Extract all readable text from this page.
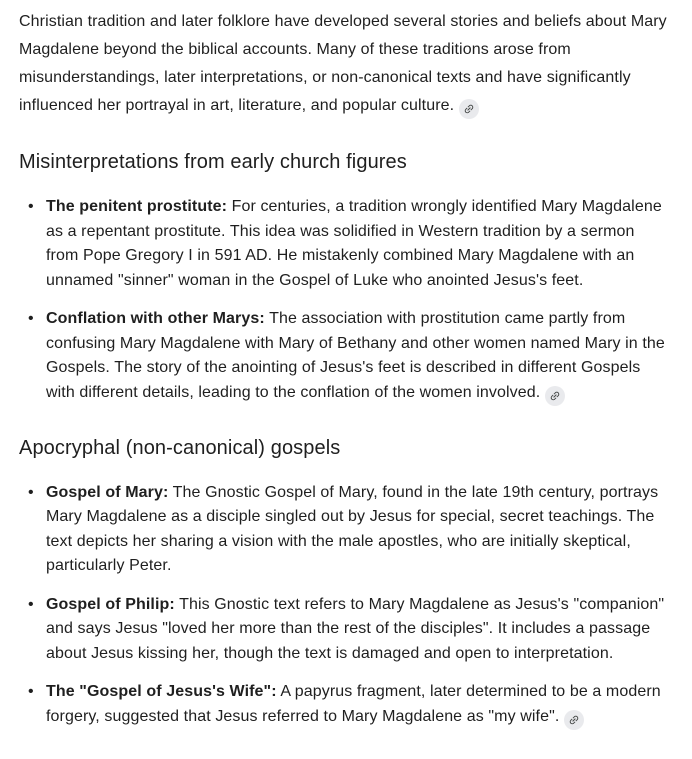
Christian tradition and later folklore have developed several stories and beliefs about Mary Magdalene beyond the biblical accounts. Many of these traditions arose from misunderstandings, later interpretations, or non-canonical texts and have significantly influenced her portrayal in art, literature, and popular culture.

Misinterpretations from early church figures
• The penitent prostitute: For centuries, a tradition wrongly identified Mary Magdalene as a repentant prostitute. This idea was solidified in Western tradition by a sermon from Pope Gregory I in 591 AD. He mistakenly combined Mary Magdalene with an unnamed "sinner" woman in the Gospel of Luke who anointed Jesus's feet.
• Conflation with other Marys: The association with prostitution came partly from confusing Mary Magdalene with Mary of Bethany and other women named Mary in the Gospels. The story of the anointing of Jesus's feet is described in different Gospels with different details, leading to the conflation of the women involved.
Apocryphal (non-canonical) gospels
• Gospel of Mary: The Gnostic Gospel of Mary, found in the late 19th century, portrays Mary Magdalene as a disciple singled out by Jesus for special, secret teachings. The text depicts her sharing a vision with the male apostles, who are initially skeptical, particularly Peter.
• Gospel of Philip: This Gnostic text refers to Mary Magdalene as Jesus's "companion" and says Jesus "loved her more than the rest of the disciples". It includes a passage about Jesus kissing her, though the text is damaged and open to interpretation.
• The "Gospel of Jesus's Wife": A papyrus fragment, later determined to be a modern forgery, suggested that Jesus referred to Mary Magdalene as "my wife".
